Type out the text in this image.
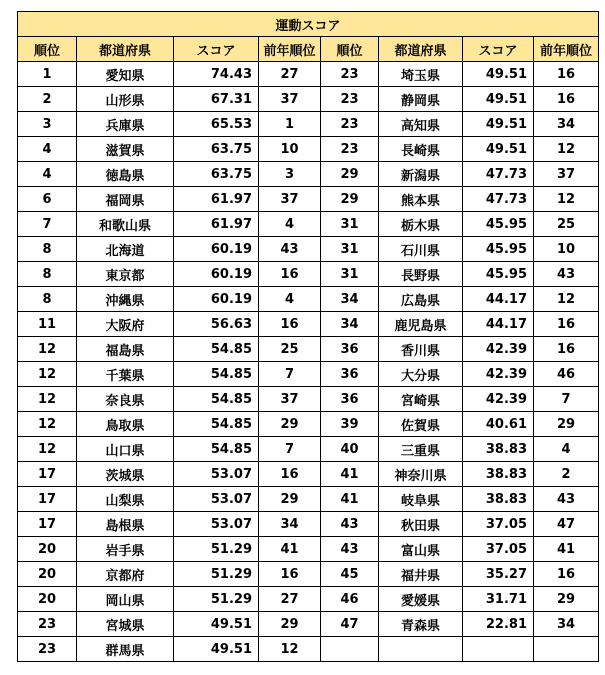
運動スコア							
順位	都道府県	スコア	前年順位	順位	都道府県	スコア	前年順位
1	愛知県	74.43	27	23	埼玉県	49.51	16
2	山形県	67.31	37	23	静岡県	49.51	16
3	兵庫県	65.53	1	23	高知県	49.51	34
4	滋賀県	63.75	10	23	長崎県	49.51	12
4	徳島県	63.75	3	29	新潟県	47.73	37
6	福岡県	61.97	37	29	熊本県	47.73	12
7	和歌山県	61.97	4	31	栃木県	45.95	25
8	北海道	60.19	43	31	石川県	45.95	10
8	東京都	60.19	16	31	長野県	45.95	43
8	沖縄県	60.19	4	34	広島県	44.17	12
11	大阪府	56.63	16	34	鹿児島県	44.17	16
12	福島県	54.85	25	36	香川県	42.39	16
12	千葉県	54.85	7	36	大分県	42.39	46
12	奈良県	54.85	37	36	宮崎県	42.39	7
12	鳥取県	54.85	29	39	佐賀県	40.61	29
12	山口県	54.85	7	40	三重県	38.83	4
17	茨城県	53.07	16	41	神奈川県	38.83	2
17	山梨県	53.07	29	41	岐阜県	38.83	43
17	島根県	53.07	34	43	秋田県	37.05	47
20	岩手県	51.29	41	43	富山県	37.05	41
20	京都府	51.29	16	45	福井県	35.27	16
20	岡山県	51.29	27	46	愛媛県	31.71	29
23	宮城県	49.51	29	47	青森県	22.81	34
23	群馬県	49.51	12				
